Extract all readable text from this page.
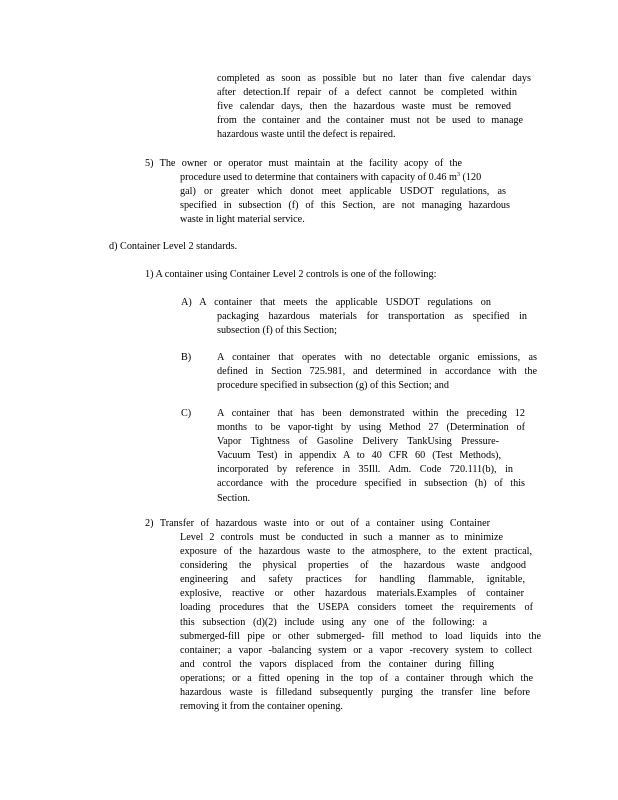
completed as soon as possible but no later than five calendar days
after detection.If repair of a defect cannot be completed within
five calendar days, then the hazardous waste must be removed
from the container and the container must not be used to manage
hazardous waste until the defect is repaired.
5) The owner or operator must maintain at the facility acopy of the
procedure used to determine that containers with capacity of 0.46 $m^3$ (120
gal) or greater which donot meet applicable USDOT regulations, as
specified in subsection (f) of this Section, are not managing hazardous
waste in light material service.
d) Container Level 2 standards.
1) A container using Container Level 2 controls is one of the following:
A) A container that meets the applicable USDOT regulations on
packaging hazardous materials for transportation as specified in
subsection (f) of this Section;
B)	A container that operates with no detectable organic emissions, as
defined in Section 725.981, and determined in accordance with the
procedure specified in subsection (g) of this Section; and
C)	A container that has been demonstrated within the preceding 12
months to be vapor-tight by using Method 27 (Determination of
Vapor Tightness of Gasoline Delivery TankUsing Pressure-
Vacuum Test) in appendix A to 40 CFR 60 (Test Methods),
incorporated by reference in 35Ill. Adm. Code 720.111(b), in
accordance with the procedure specified in subsection (h) of this
Section.
2) Transfer of hazardous waste into or out of a container using Container
Level 2 controls must be conducted in such a manner as to minimize
exposure of the hazardous waste to the atmosphere, to the extent practical,
considering the physical properties of the hazardous waste andgood
engineering and safety practices for handling flammable, ignitable,
explosive, reactive or other hazardous materials.Examples of container
loading procedures that the USEPA considers tomeet the requirements of
this subsection (d)(2) include using any one of the following: a
submerged-fill pipe or other submerged- fill method to load liquids into the
container; a vapor -balancing system or a vapor -recovery system to collect
and control the vapors displaced from the container during filling
operations; or a fitted opening in the top of a container through which the
hazardous waste is filledand subsequently purging the transfer line before
removing it from the container opening.
